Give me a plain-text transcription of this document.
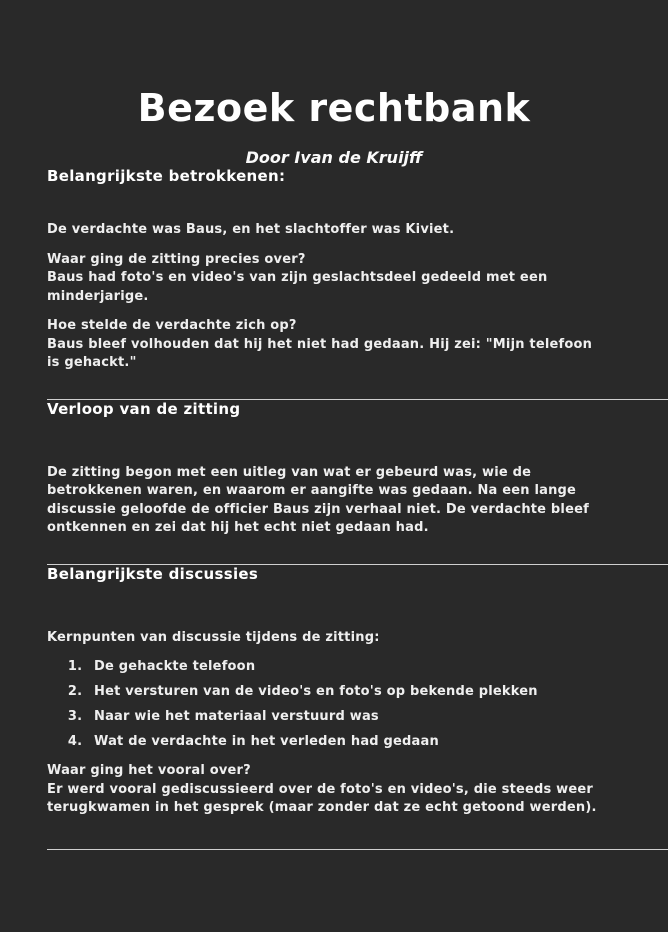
Bezoek rechtbank
Door Ivan de Kruijff
Belangrijkste betrokkenen:

De verdachte was Baus, en het slachtoffer was Kiviet.

Waar ging de zitting precies over?
Baus had foto's en video's van zijn geslachtsdeel gedeeld met een minderjarige.
Hoe stelde de verdachte zich op?
Baus bleef volhouden dat hij het niet had gedaan. Hij zei: "Mijn telefoon is gehackt."
Verloop van de zitting

De zitting begon met een uitleg van wat er gebeurd was, wie de betrokkenen waren, en waarom er aangifte was gedaan. Na een lange discussie geloofde de officier Baus zijn verhaal niet. De verdachte bleef ontkennen en zei dat hij het echt niet gedaan had.

Belangrijkste discussies

Kernpunten van discussie tijdens de zitting:

1. De gehackte telefoon
2. Het versturen van de video's en foto's op bekende plekken
3. Naar wie het materiaal verstuurd was
4. Wat de verdachte in het verleden had gedaan
Waar ging het vooral over?
Er werd vooral gediscussieerd over de foto's en video's, die steeds weer terugkwamen in het gesprek (maar zonder dat ze echt getoond werden).
